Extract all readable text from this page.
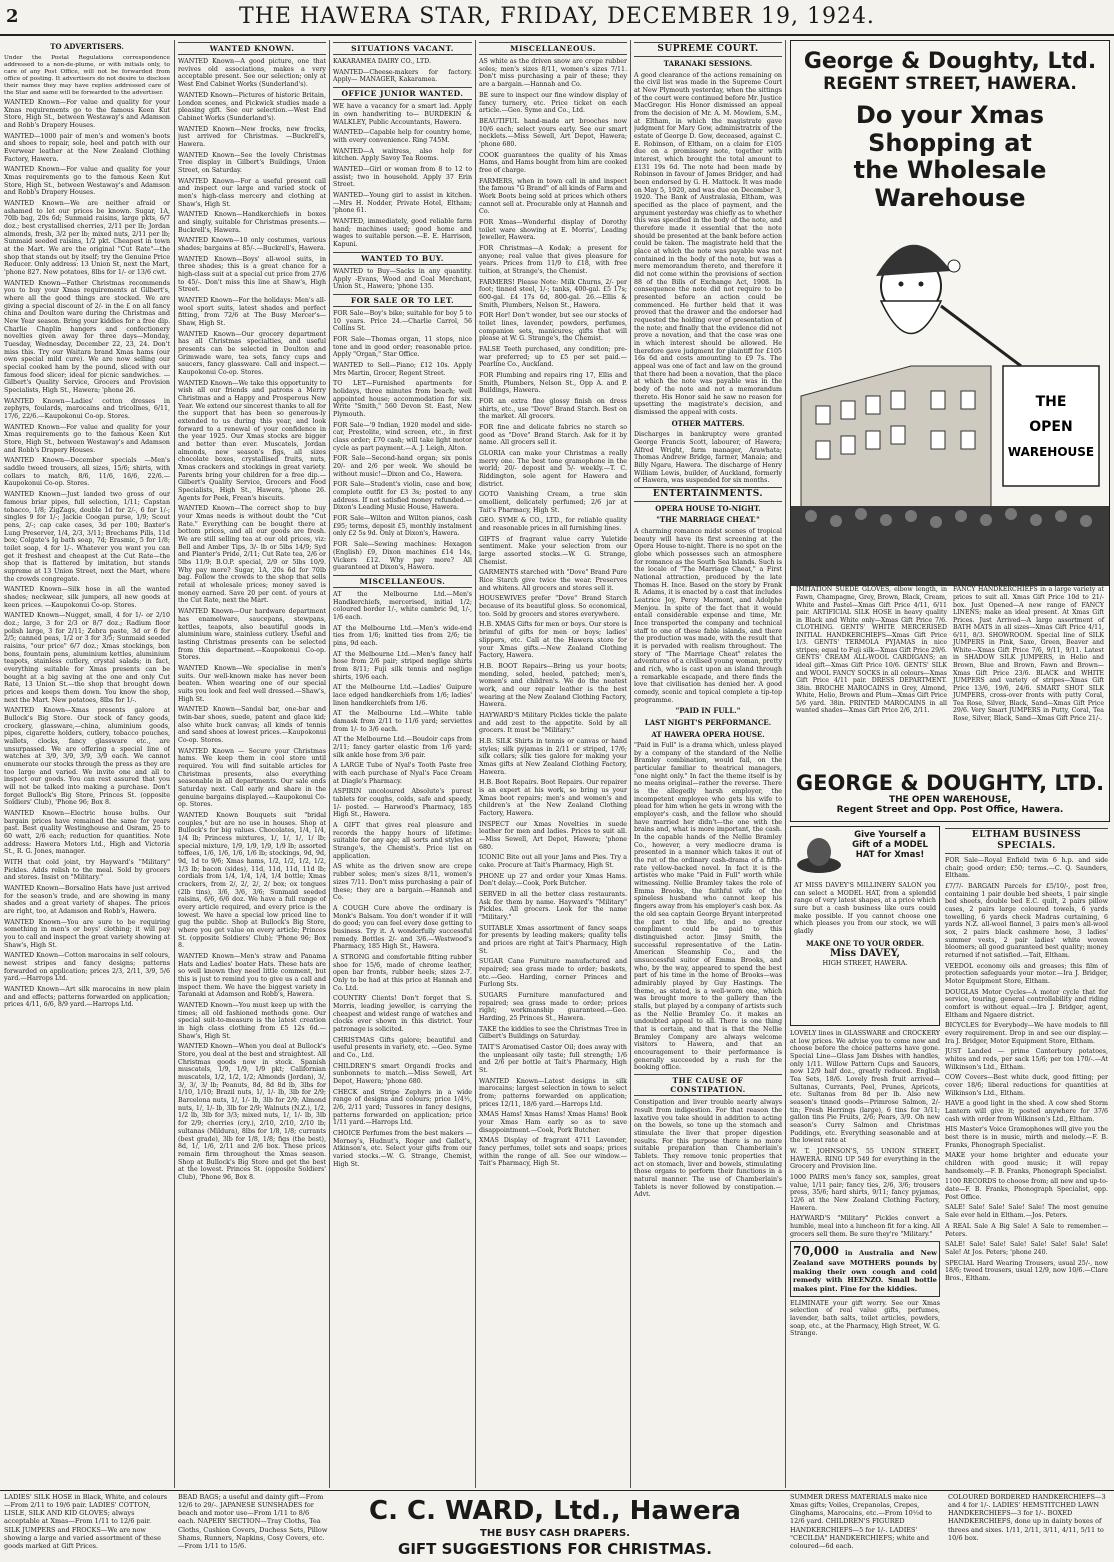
2	THE HAWERA STAR, FRIDAY, DECEMBER 19, 1924.
TO ADVERTISERS.

Under the Postal Regulations correspondence addressed to a non-de-plume, or with initials only, to care of any Post Office, will not be forwarded from office of posting. It advertisers do not desire to disclose their names they may have replies addressed care of the Star and same will be forwarded to the advertiser.

WANTED Known—For value and quality for your Xmas requirements go to the famous Keen Kut Store, High St., between Westaway's and Adamson and Robb's Drapery Houses.

WANTED—1000 pair of men's and women's boots and shoes to repair, sole, heel and patch with our Everwear leather at the New Zealand Clothing Factory, Hawera.

WANTED Known—For value and quality for your Xmas requirements go to the famous Keen Kut Store, High St., between Westaway's and Adamson and Robb's Drapery Houses.

WANTED Known—We are neither afraid or ashamed to let our prices be known. Sugar, 1A, 70lb bag, 20s 6d; Sunmaid raisins, large pkts, 6/7 doz.; best crystallised cherries, 2/11 per lb; Jordan almonds, fresh, 3/2 per lb; mixed nuts, 2/11 per lb; Sunmaid seeded raisins, 1/2 pkt. Cheapest in town at the Mart. We are the original "Cut Rate"—the shop that stands out by itself; try the Genuine Price Reducer. Only address: 13 Union St, next the Mart, 'phone 827. New potatoes, 8lbs for 1/- or 13/6 cwt.

WANTED Known—Father Christmas recommends you to buy your Xmas requirements at Gilbert's, where all the good things are stocked. We are giving a special discount of 2/- in the £ on all fancy china and Doulton ware during the Christmas and New Year season. Bring your kiddies for a free dip. Charlie Chaplin hangers and confectionery novelties given away for three days—Monday, Tuesday, Wednesday, December 22, 23, 24. Don't miss this. Try our Waitara brand Xmas hams (our own special mild cure). We are now selling our special cooked ham by the pound, sliced with our famous food slicer; ideal for picnic sandwiches. —Gilbert's Quality Service, Grocers and Provision Specialists, High St., Hawera; 'phone 26.

WANTED Known—Ladies' cotton dresses in zephyrs, foulards, marocains and tricolines, 6/11, 17/6, 22/6.—Kaupokonui Co-op. Stores.

WANTED Known—For value and quality for your Xmas requirements go to the famous Keen Kut Store, High St., between Westaway's and Adamson and Robb's Drapery Houses.

WANTED Known—December specials —Men's saddle tweed trousers, all sizes, 15/6; shirts, with collars to match, 8/6, 11/6, 16/6, 22/6.—Kaupokonui Co-op. Stores.

WANTED Known—Just landed two gross of our famous briar pipes, full selection, 1/11; Capstan tobacco, 1/8; ZigZags, double 1d for 2/-, 6 for 1/-; singles 9 for 1/-; Jackie Coogan purse, 1/9; Scout pens, 2/-; cap cake cases, 3d per 100; Baxter's Lung Preserver, 1/4, 2/3, 3/11; Brechams Pills, 11d box; Colgate's Ig bath soap, 7d; Erasmic, 5 for 1/8; toilet soap, 4 for 1/-. Whatever you want you can get it freshest and cheapest at the Cut Rate—the shop that is flattered by imitation, but stands supreme at 13 Union Street, next the Mart, where the crowds congregate.

WANTED Known—Silk hose in all the wanted shades; neckwear, silk jumpers, all new goods at keen prices. —Kaupokonui Co-op. Stores.

WANTED Known—Nugget, small, 4 for 1/- or 2/10 doz.; large, 3 for 2/3 or 8/7 doz.; Radium floor polish large, 3 for 2/11; Zebra paste, 3d or 6 for 2/5; canned peas, 1/2 or 3 for 3/5; Sunmaid seeded raisins, "our price" 6/7 doz.; Xmas stockings, bon bons, fountain pens, aluminium kettles, aluminium teapots, stainless cutlery, crystal salads; in fact, everything suitable for Xmas presents can be bought at a big saving at the one and only Cut Rate, 13 Union St.—the shop that brought down prices and keeps them down. You know the shop, next the Mart. New potatoes, 8lbs for 1/-.

WANTED Known—Xmas presents galore at Bullock's Big Store. Our stock of fancy goods, crockery, glassware,—china, aluminium goods, pipes, cigarette holders, cutlery, tobacco pouches, wallets, clocks, fancy glassware etc., are unsurpassed. We are offering a special line of watches at 3/9, 3/9, 3/9, 3/9 each. We cannot enumerate our stocks through the press as they are too large and varied. We invite one and all to inspect our goods. You can rest assured that you will not be talked into making a purchase. Don't forget Bullock's Big Store, Princes St. (opposite Soldiers' Club), 'Phone 96; Box 8.

WANTED Known—Electric house bulbs. Our bargain prices have remained the same for years past. Best quality Westinghouse and Osram, 25 to 60 watt, 2/6 each; reduction for quantities. Note address: Hawera Motors Ltd., High and Victoria St., R. G. Jones, manager.

WITH that cold joint, try Hayward's "Military" Pickles. Adds relish to the meal. Sold by grocers and stores. Insist on "Military."

WANTED Known—Borsalino Hats have just arrived for the season's trade, and are showing in many shades and a great variety of shapes. The prices are right, too, at Adamson and Robb's, Hawera.

WANTED Known—You are sure to be requiring something in men's or boys' clothing; it will pay you to call and inspect the great variety showing at Shaw's, High St.

WANTED Known—Cotton marocains in self colours, newest stripes and fancy designs; patterns forwarded on application; prices 2/3, 2/11, 3/9, 5/6 yard.—Harrops Ltd.

WANTED Known—Art silk marocains in new plain and and effects; patterns forwarded on application; prices 4/11, 6/6, 8/9 yard.—Harrops Ltd.

WANTED KNOWN.

WANTED Known—A good picture, one that revives old associations, makes a very acceptable present. See our selection; only at West End Cabinet Works (Sunderland's).

WANTED Known—Pictures of historic Britain, London scenes, and Pickwick studies made a pleasing gift. See our selection.—West End Cabinet Works (Sunderland's).

WANTED Known—New frocks, new frocks, just arrived for Christmas. —Buckrell's, Hawera.

WANTED Known—See the lovely Christmas Tree display in Gilbert's Buildings, Union Street, on Saturday.

WANTED Known—For a useful present call and inspect our large and varied stock of men's high-class mercery and clothing at Shaw's, High St.

WANTED Known—Handkerchiefs in boxes and singly, suitable for Christmas presents.—Buckrell's, Hawera.

WANTED Known—10 only costumes, various shades; bargains at 85/-.—Buckrell's, Hawera.

WANTED Known—Boys' all-wool suits, in three shades; this is a great chance for a high-class suit at a special cut price from 27/6 to 45/-. Don't miss this line at Shaw's, High Street.

WANTED Known—For the holidays: Men's all-wool sport suits, latest shades and perfect fitting, from 72/6 at The Busy Mercer's—Shaw, High St.

WANTED Known—Our grocery department has all Christmas specialties, and useful presents can be selected in Doulton and Grimwade ware, tea sets, fancy cups and saucers, fancy glassware. Call and inspect.—Kaupokonui Co-op. Stores.

WANTED Known—We take this opportunity to wish all our friends and patrons a Merry Christmas and a Happy and Prosperous New Year. We extend our sincerest thanks to all for the support that has been so generous-ly extended to us during this year, and look forward to a renewal of your confidence in the year 1925. Our Xmas stocks are bigger and better than ever. Muscatels, Jordan almonds, new season's figs, all sizes chocolate boxes, crystallised fruits, nuts, Xmas crackers and stockings in great variety. Parents bring your children for a free dip.—Gilbert's Quality Service, Grocers and Food Specialists, High St., Hawera, 'phone 26. Agents for Peek, Frean's biscuits.

WANTED Known—The correct shop to buy your Xmas needs is without doubt the "Cut Rate." Everything can be bought there at bottom prices, and all our goods are fresh. We are still selling tea at our old prices, viz: Bell and Amber Tips, 3/- lb or 5lbs 14/9; Syd and Planter's Pride, 2/11; Cut Rate tea, 2/6 or 5lbs 11/9; B.O.P. special, 2/9 or 5lbs 10/9. Why pay more? Sugar, 1A, 20s 6d for 70lb bag. Follow the crowds to the shop that sells retail at wholesale prices; money saved is money earned. Save 20 per cent. of yours at the Cut Rate, next the Mart.

WANTED Known—Our hardware department has enamelware, saucepans, stewpans, kettles, teapots, also beautiful goods in aluminium ware, stainless cutlery. Useful and lasting Christmas presents can be selected from this department.—Kaupokonui Co-op. Stores.

WANTED Known—We specialise in men's suits. Our well-known make has never been beaten. When wearing one of our special suits you look and feel well dressed.—Shaw's, High St.

WANTED Known—Sandal bar, one-bar and twin-bar shoes, suede, patent and glace kid; also white buck canvas; all kinds of tennis and sand shoes at lowest prices.—Kaupokonui Co-op. Stores.

WANTED Known — Secure your Christmas hams. We keep them in cool store until required. You will find suitable articles for Christmas presents, also everything seasonable in all departments. Our sale ends Saturday next. Call early and share in the genuine bargains displayed.—Kaupokonui Co-op. Stores.

WANTED Known Bouquets suit "bridal couples," but are no use in houses. Shop at Bullock's for big values. Chocolates, 1/4, 1/4, 1/4 lb; Princess mixtures, 1/, 1/, 1/, 1/ lb; special mixture, 1/9, 1/9, 1/9, 1/9 lb; assorted toffees, 1/6, 1/6, 1/6, 1/6 lb; stockings, 9d, 9d, 9d, 1d to 9/6; Xmas hams, 1/2, 1/2, 1/2, 1/2, 1/3 lb; bacon (sides), 11d, 11d, 11d, 11d lb; cordials from 1/4, 1/4, 1/4, 1/4 bottle; Xmas crackers, from 2/, 2/, 2/, 2/ box; ox tongues (2lb tins), 3/6, 3/6, 3/6; Sunmaid seeded raisins, 6/6, 6/6 doz. We have a full range of every article required, and every price is the lowest. We have a special low priced line to gug the public. Shop at Bullock's Big Store, where you get value on every article; Princes St. (opposite Soldiers' Club); 'Phone 96; Box 8.

WANTED Known—Men's straw and Panama Hats and Ladies' boater Hats. These hats are so well known they need little comment, but this is just to remind you to give us a call and inspect them. We have the biggest variety in Taranaki at Adamson and Robb's, Hawera.

WANTED Known—You must keep up with the times; all old fashioned methods gone. Our special suit-to-measure is the latest creation in high class clothing from £5 12s 6d.—Shaw's, High St.

WANTED Known—When you deal at Bullock's Store, you deal at the best and straightest. All Christmas goods now in stock. Spanish muscatels, 1/9, 1/9, 1/9 pkt; Californian muscatels, 1/2, 1/2, 1/2; Almonds (Jordan), 3/, 3/, 3/, 3/ lb; Peanuts, 8d, 8d 8d lb, 3lbs for 1/10, 1/10; Brazil nuts, 1/, 1/- lb, 3lb for 2/9; Barcelona nuts, 1/, 1/- lb, 3lb for 2/9; Almond nuts, 1/, 1/- lb, 3lb for 2/9; Walnuts (N.Z.), 1/2, 1/2 lb, 3lb for 3/3; mixed nuts, 1/, 1/- lb, 3lb for 2/9; cherries (cry.), 2/10, 2/10, 2/10 lb; sultanas (Mildura), 8lbs for 1/8, 1/8; currants (best grade), 3lb for 1/8, 1/8; figs (the best), 8d, 1/, 1/6, 2/11 and 2/6 box. These prices remain firm throughout the Xmas season. Shop at Bullock's Big Store and get the best at the lowest. Princes St. (opposite Soldiers' Club), 'Phone 96, Box 8.

SITUATIONS VACANT.

KAKARAMEA DAIRY CO., LTD.

WANTED—Cheese-makers for factory. Apply— MANAGER, Kakaramea.

OFFICE JUNIOR WANTED.

WE have a vacancy for a smart lad. Apply in own handwriting to— BURDEKIN & WALKLEY, Public Accountants, Hawera.

WANTED—Capable help for country home, with every convenience. Ring 745M.

WANTED—A waitress, also help for kitchen. Apply Savoy Tea Rooms.

WANTED—Girl or woman from 8 to 12 to assist; two in household. Apply 37 Erin Street.

WANTED—Young girl to assist in kitchen.—Mrs H. Nodder, Private Hotel, Eltham; 'phone 61.

WANTED, immediately, good reliable farm hand; machines used; good home and wages to suitable person.—E. E. Harrison, Kapuni.

WANTED TO BUY.

WANTED to Buy—Sacks in any quantity. Apply -Evans, Wood and Coal Merchant, Union St., Hawera; 'phone 135.

FOR SALE OR TO LET.

FOR Sale—Boy's bike; suitable for boy 5 to 10 years. Price 24.—Charlie Carrol, 56 Collins St.

FOR Sale—Thomas organ, 11 stops, nice tone and in good order; reasonable price. Apply "Organ," Star Office.

WANTED to Sell—Piano; £12 10s. Apply Mrs Martin, Grocer, Regent Street.

TO LET—Furnished apartments for holidays, three minutes from beach; well appointed house; accommodation for six. Write "Smith," 560 Devon St. East, New Plymouth.

FOR Sale—'9 Indian, 1920 model and side-car, Prestolite, wind screen, etc., in first class order; £70 cash; will take light motor cycle as part payment.—A. J. Leigh, Alton.

FOR Sale—Second-hand organ; six ponis 20/- and 2/6 per week. We should be without music!—Dixon and Co., Hawera.

FOR Sale—Student's violin, case and bow, complete outfit for £3 3s; posted to any address. If not satisfied money refunded.—Dixon's Leading Music House, Hawera.

FOR Sale—Wilton and Wilton pianos, cash £95; terms, deposit £5, monthly instalment only £2 5s 9d. Only at Dixon's, Hawera.

FOR Sale—Sewing machines: Hexagon (English) £9, Dixon machines £14 14s, Vickers £12. Why pay more? All guaranteed at Dixon's, Hawera.

MISCELLANEOUS.

AT the Melbourne Ltd.—Men's Handkerchiefs, mercerised, initial 1/2; coloured border 1/-, white cambric 9d, 1/-, 1/6 each.

AT the Melbourne Ltd.—Men's wide-end ties from 1/6; knitted ties from 2/6; tie pins, 9d each.

AT the Melbourne Ltd.—Men's fancy half hose from 2/6 pair; striped neglige shirts from 8/11; Fuji silk tennis and neglige shirts, 19/6 each.

AT the Melbourne Ltd.—Ladies' Guipure lace edged handkerchiefs from 1/6; ladies' linen handkerchiefs from 1/6.

AT the Melbourne Ltd.—White table damask from 2/11 to 11/6 yard; serviettes from 1/- to 3/6 each.

AT the Melbourne Ltd.—Boudoir caps from 2/11; fancy garter elastic from 1/6 yard; silk ankle hose from 3/6 pair.

A LARGE Tube of Nyal's Tooth Paste free with each purchase of Nyal's Face Cream at Diagle's Pharmacy.

ASPIRIN uncoloured Absolute's purest tablets for coughs, colds, safe and speedy, 1/- posted. — Harwood's Pharmacy, 185 High St., Hawera.

A GIFT that gives real pleasure and records the happy hours of lifetime: suitable for any age; all sorts and styles at Strange's, the Chemist's. Price list on application.

AS white as the driven snow are crepe rubber soles; men's sizes 8/11, women's sizes 7/11. Don't miss purchasing a pair of these; they are a bargain.—Hannah and Co.

A COUGH Cure above the ordinary is Monk's Balsam. You don't wonder if it will do good; you can feel every dose getting to business. Try it. A wonderfully successful remedy. Bottles 2/- and 3/6.—Westwood's Pharmacy, 185 High St., Hawera.

A STRONG and comfortable fitting rubber shoe for 15/6, made of chrome leather, open bar fronts, rubber heels; sizes 2-7. Only to be had at this price at Hannah and Co. Ltd.

COUNTRY Clients! Don't forget that S. Morris, leading jeweller, is carrying the cheapest and widest range of watches and clocks ever shown in this district. Your patronage is solicited.

CHRISTMAS Gifts galore; beautiful and useful presents in variety, etc. —Geo. Syme and Co., Ltd.

CHILDREN'S smart Organdi frocks and sunbonnets to match.—Miss Sewell, Art Depot, Hawera; 'phone 680.

CHECK and Stripe Zephyrs in a wide range of designs and colours; price 1/4½, 2/6, 2/11 yard; Tussores in fancy designs, patterns forwarded on application; price 1/11 yard.—Harrops Ltd.

CHOICE Perfumes from the best makers — Morney's, Hudnut's, Roger and Gallet's, Atkinson's, etc. Select your gifts from our varied stocks.—W. G. Strange, Chemist, High St.

MISCELLANEOUS.

AS white as the driven snow are crepe rubber soles; men's sizes 8/11, women's sizes 7/11. Don't miss purchasing a pair of these; they are a bargain.—Hannah and Co.

BE sure to inspect our fine window display of fancy turnery, etc. Price ticket on each article.—Geo. Syme and Co., Ltd.

BEAUTIFUL hand-made art brooches now 10/6 each; select yours early. See our smart necklets.—Miss Sewell, Art Depot, Hawera; 'phone 680.

COOK guarantees the quality of his Xmas Hams, and Hams bought from him are cooked free of charge.

FARMERS, when in town call in and inspect the famous "G Brand" of all kinds of Farm and Work Boots being sold at prices which others cannot sell at. Procurable only at Hannah and Co.

FOR Xmas—Wonderful display of Dorothy toilet ware showing at E. Morris', Leading Jeweller, Hawera.

FOR Christmas—A Kodak; a present for anyone; real value that gives pleasure for years. Prices from 11/9 to £18, with free tuition, at Strange's, the Chemist.

FARMERS! Please Note: Milk Churns, 2/- per foot; tinned steel, 1/-; tanks, 400-gal. £5 17s; 600-gal. £4 17s 6d, 800-gal. 26.—Ellis & Smith, Plumbers, Nelson St., Hawera.

FOR Her! Don't wonder, but see our stocks of toilet lines, lavender, powders, perfumes, companion sets, manicures; gifts that will please at W. G. Strange's, the Chemist.

FALSE Teeth purchased, any condition; pre-war preferred; up to £5 per set paid.—Pearline Co., Auckland.

FOR Plumbing and repairs ring 17, Ellis and Smith, Plumbers, Nelson St., Opp A. and P. Buildings, Hawera.

FOR an extra fine glossy finish on dress shirts, etc., use "Dove" Brand Starch. Best on the market. All grocers.

FOR fine and delicate fabrics no starch so good as "Dove" Brand Starch. Ask for it by name. All grocers sell it.

GLORIA can make your Christmas a really merry one. The best tone gramophone in the world; 20/- deposit and 5/- weekly.—T. C. Riddington, sole agent for Hawera and district.

GOTO Vanishing Cream, a true skin emollient, delicately perfumed; 2/6 jar at Tait's Pharmacy, High St.

GEO. SYME & CO., LTD., for reliable quality and reasonable prices in all furnishing lines.

GIFTS of fragrant value carry Yuletide sentiment. Make your selection from our large assorted stocks.—W. G. Strange, Chemist.

GARMENTS starched with "Dove" Brand Pure Rice Starch give twice the wear. Preserves and whitens. All grocers and stores sell it.

HOUSEWIVES prefer "Dove" Brand Starch because of its beautiful gloss. So economical, too. Sold by grocers and stores everywhere.

H.B. XMAS Gifts for men or boys. Our store is brimful of gifts for men or boys; ladies' slippers, etc. Call at the Hawera store for your Xmas gifts.—New Zealand Clothing Factory, Hawera.

H.B. BOOT Repairs—Bring us your boots; mending, soled, heeled, patched; men's, women's and children's. We do the neatest work, and our repair leather is the best wearing at the New Zealand Clothing Factory, Hawera.

HAYWARD'S Military Pickles tickle the palate and add zest to the appetite. Sold by all grocers. It must be "Military."

H.B. SILK Shirts in tennis or canvas or hand styles; silk pyjamas in 2/11 or striped, 17/6; silk collars; silk ties galore for making your Xmas gifts at New Zealand Clothing Factory, Hawera.

H.B. Boot Repairs. Boot Repairs. Our repairer is an expert at his work, so bring us your Xmas boot repairs; men's and women's and children's at the New Zealand Clothing Factory, Hawera.

INSPECT our Xmas Novelties in suede leather for men and ladies. Prices to suit all.—Miss Sewell, Art Depot, Hawera; 'phone 680.

ICONIC Bite out all your Jams and Pies. Try a cake. Procure at Tait's Pharmacy, High St.

PHONE up 27 and order your Xmas Hams. Don't delay.—Cook, Pork Butcher.

SERVED in all the better class restaurants. Ask for them by name. Hayward's "Military" Pickles. All grocers. Look for the name "Military."

SUITABLE Xmas assortment of fancy soaps for presents by leading makers; quality tells and prices are right at Tait's Pharmacy, High St.

SUGAR Cane Furniture manufactured and repaired; sea grass made to order; baskets, etc.—Geo. Harding, corner Princes and Furlong Sts.

SUGARS Furniture manufactured and repaired; sea grass made to order; prices right; workmanship guaranteed.—Geo. Harding, 25 Princes St., Hawera.

TAKE the kiddies to see the Christmas Tree in Gilbert's Buildings on Saturday.

TAIT'S Aromatised Castor Oil; does away with the unpleasant oily taste; full strength; 1/6 and 2/6 per bottle at Tait's Pharmacy, High St.

WANTED Known—Latest designs in silk marocains; largest selection in town to select from; patterns forwarded on application; prices 12/11, 18/6 yard.—Harrops Ltd.

XMAS Hams! Xmas Hams! Xmas Hams! Book your Xmas Ham early so as to save disappointment.—Cook, Pork Butcher.

XMAS Display of fragrant 4711 Lavender, fancy perfumes, toilet sets and soaps; prices within the range of all. See our window.—Tait's Pharmacy, High St.

SUPREME COURT.
TARANAKI SESSIONS.

A good clearance of the actions remaining on the civil list was made in the Supreme Court at New Plymouth yesterday, when the sittings of the court were continued before Mr. Justice MacGregor. His Honor dismissed an appeal from the decision of Mr. A. M. Mowlem, S.M., at Eltham, in which the magistrate gave judgment for Mary Gow, administratrix of the estate of George D. Gow, deceased, against C. E. Robinson, of Eltham, on a claim for £105 due on a promissory note, together with interest, which brought the total amount to £131 19s 6d. The note had been made by Robinson in favour of James Bridger, and had been endorsed by G. H. Mattock. It was made on May 5, 1920, and was due on December 3, 1920. The Bank of Australasia, Eltham, was specified as the place of payment, and the argument yesterday was chiefly as to whether this was specified in the body of the note, and therefore made it essential that the note should be presented at the bank before action could be taken. The magistrate held that the place at which the note was payable was not contained in the body of the note, but was a mere memorandum thereto, and therefore it did not come within the provisions of section 88 of the Bills of Exchange Act, 1908. In consequence the note did not require to be presented before an action could be commenced. He further held that it was proved that the drawer and the endorser had requested the holding over of presentation of the note; and finally that the evidence did not prove a novation, and that the case was one in which interest should be allowed. He therefore gave judgment for plaintiff for £105 16s 6d and costs amounting to £9 7s. The appeal was one of fact and law on the ground that there had been a novation, that the place at which the note was payable was in the body of the note and not a memorandum thereto. His Honor said he saw no reason for upsetting the magistrate's decision, and dismissed the appeal with costs.

OTHER MATTERS.

Discharges in bankruptcy were granted George Francis Scott, labourer, of Hawera; Alfred Wright, farm manager, Arawhata; Thomas Andrew Bridge, farmer, Manaia; and Billy Ngaru, Hawera. The discharge of Henry William Lewis, builder, of Auckland, formerly of Hawera, was suspended for six months.

ENTERTAINMENTS.
OPERA HOUSE TO-NIGHT.
"THE MARRIAGE CHEAT."

A charming romance midst scenes of tropical beauty will have its first screening at the Opera House to-night. There is no spot on the globe which possesses such an atmosphere for romance as the South Sea Islands. Such is the locale of "The Marriage Cheat," a First National attraction, produced by the late Thomas H. Ince. Based on the story by Frank R. Adams, it is enacted by a cast that includes Leatrice Joy, Percy Marmont, and Adolphe Menjou. In spite of the fact that it would entail considerable expense and time, Mr. Ince transported the company and technical staff to one of these fable islands, and there the production was made, with the result that it is pervaded with realism throughout. The story of "The Marriage Cheat" relates the adventures of a civilised young woman, pretty and rich, who is cast upon an island through a remarkable escapade, and there finds the love that civilisation has denied her. A good comedy, scenic and topical complete a tip-top programme.

"PAID IN FULL."
LAST NIGHT'S PERFORMANCE.
AT HAWERA OPERA HOUSE.

"Paid in Full" is a drama which, unless played by a company of the standard of the Nellie Bramley combination, would fail, on the particular familiar to theatrical managers, "one night only." In fact the theme itself is by no means original—rather the reverse. There is the allegedly harsh employer, the incompetent employee who gets his wife to plead for him when he gets in wrong with the employer's cash, and the fellow who should have married her didn't—the one with the brains and, what is more important, the cash. In the capable hands of the Nellie Bramley Co., however, a very mediocre drama is presented in a manner which takes it out of the rut of the ordinary cash-drama of a fifth-rate yellow-backed novel. In fact it is the artistes who make "Paid in Full" worth while witnessing. Nellie Bramley takes the role of Emma Brooks, the faithful wife of the spineless husband who cannot keep his fingers away from his employer's cash box. As the old sea captain George Bryant interpreted the part to the life, and no greater compliment could be paid to this distinguished actor. Jimsy Smith, the successful representative of the Latin-American Steamship Co., and the unsuccessful suitor of Emma Brooks, and who, by the way, appeared to spend the best part of his time in the home of Brooks—was admirably played by Guy Hastings. The theme, as stated, is a well-worn one, which was brought more to the gallery than the stalls, but played by a company of artists such as the Nellie Bramley Co. it makes an undoubted appeal to all. There is one thing that is certain, and that is that the Nellie Bramley Company are always welcome visitors to Hawera, and that an encouragement to their performance is generally succeeded by a rush for the booking office.

THE CAUSE OF CONSTIPATION.

Constipation and liver trouble nearly always result from indigestion. For that reason the laxative you take should in addition to acting on the bowels, so tone up the stomach and stimulate the liver that proper digestion results. For this purpose there is no more suitable preparation than Chamberlain's Tablets. They remove tonic properties that act on stomach, liver and bowels, stimulating those organs to perform their functions in a natural manner. The use of Chamberlain's Tablets is never followed by constipation.—Advt.

George & Doughty, Ltd.
REGENT STREET, HAWERA.
Do your Xmas Shopping at
the Wholesale Warehouse
THE
OPEN
WAREHOUSE
IMITATION SUEDE GLOVES, elbow length, in Fawn, Champagne, Grey, Brown, Black, Cream, White and Pastel—Xmas Gift Price 4/11, 6/11 pair. ARTIFICIAL SILK HOSE in heavy quality in Black and White only—Xmas Gift Price 7/6. CLOTHING. GENTS' WHITE MERCERISED INITIAL HANDKERCHIEFS—Xmas Gift Price 1/3. GENTS' TERMOLA PYJAMAS in nice stripes; equal to Fuji silk—Xmas Gift Price 29/6. GENTS' CREAM ALL-WOOL CARDIGANS; an ideal gift—Xmas Gift Price 10/6. GENTS' SILK and WOOL FANCY SOCKS in all colours—Xmas Gift Price 4/11 pair. DRESS DEPARTMENT. 38in. BROCHE MAROCAINS in Grey, Almond, White, Helio, Brown and Plum—Xmas Gift Price 5/6 yard. 38in. PRINTED MAROCAINS in all wanted shades—Xmas Gift Price 2/6, 2/11.
FANCY HANDKERCHIEFS in a large variety at prices to suit all. Xmas Gift Price 10d to 21/- box. Just Opened—A new range of FANCY LINENS; make an ideal present. At Xmas Gift Prices. Just Arrived—A large assortment of BATH MATS in all sizes—Xmas Gift Price 4/11, 6/11, 8/3. SHOWROOM. Special line of SILK JUMPERS in Pink, Saxe, Green, Beaver and White—Xmas Gift Price 7/6, 9/11, 9/11. Latest in SHADOW SILK JUMPERS, in Helio and Brown, Blue and Brown, Fawn and Brown—Xmas Gift Price 23/6. BLACK and WHITE JUMPERS and variety of stripes—Xmas Gift Price 13/6, 19/6, 24/6. SMART SHOT SILK JUMPERS, cross-over fronts with putty Coral, Tea Rose, Silver, Black, Sand—Xmas Gift Price 29/6. Very Smart JUMPERS in Putty, Coral, Tea Rose, Silver, Black, Sand—Xmas Gift Price 21/-.
GEORGE & DOUGHTY, LTD.
THE OPEN WAREHOUSE,
Regent Street and Opp. Post Office, Hawera.
Give Yourself a Gift of a MODEL HAT for Xmas!
AT MISS DAVEY'S MILLINERY SALON you can select a MODEL HAT, from a splendid range of very latest shapes, at a price which sure but a cash business like ours could make possible. If you cannot choose one which pleases you from our stock, we will gladly
MAKE ONE TO YOUR ORDER.
Miss DAVEY,
HIGH STREET, HAWERA.

LOVELY lines in GLASSWARE and CROCKERY at low prices. We advise you to come now and choose before the choice patterns have gone. Special Line—Glass Jam Dishes with handles, only 1/11. Willow Pattern Cups and Saucers, now 12/9 half doz., greatly reduced. English Tea Sets, 18/6. Lovely fresh fruit arrived—Sultanas, Currants, Peel, Prunes, Apricots, etc. Sultanas from 8d per lb. Also new season's tinned goods—Primrose Salmon, 2/- tin; Fresh Herrings (large), 6 tins for 3/11; gallon tins Pie Fruits, 2/6; Pears, 3/9. Oh new season's Curry Salmon and Christmas Puddings, etc. Everything seasonable and at the lowest rate at

W. T. JOHNSON'S, 55 UNION STREET, HAWERA. RING UP 549 for everything in the Grocery and Provision line.

1000 PAIRS men's fancy sox, samples, great value, 1/11 pair; fancy ties, 2/6, 3/6; trousers press, 35/6; hard shirts, 9/11; fancy pyjamas, 12/6 at the New Zealand Clothing Factory, Hawera.

HAYWARD'S "Military" Pickles convert a humble, meal into a luncheon fit for a king. All grocers sell them. Be sure they're "Military."

70,000 in Australia and New Zealand save MOTHERS pounds by making their own cough and cold remedy with HEENZO. Small bottle makes pint. Fine for the kiddies.

ELIMINATE your gift worry. See our Xmas selection of real value gifts, perfumes, lavender, bath salts, toilet articles, powders, soap, etc., at the Pharmacy, High Street, W. G. Strange.

ELTHAM BUSINESS SPECIALS.

FOR Sale—Royal Enfield twin 6 h.p. and side chair; good order; £50; terms.—C. Q. Saunders, Eltham.

£7/7/- BARGAIN Parcels for £5/10/-, post free, containing 1 pair double bed sheets, 1 pair single bed sheets, double bed E.C. quilt, 2 pairs pillow cases, 2 pairs large coloured towels, 6 yards towelling, 6 yards check Madras curtaining, 6 yards N.Z. all-wool flannel, 3 pairs men's all-wool sox, 2 pairs black cashmere hose, 3 ladies' summer vests, 2 pair ladies' white woven bloomers; all good guaranteed best quality; money returned if not satisfied.—Tait, Eltham.

VEEDOL economy oils and greases; this film of protection safeguards your motor.—Ira J. Bridger, Motor Equipment Store, Eltham.

DOUGLAS Motor Cycles—A motor cycle that for service, touring, general controllability and riding comfort is without equal.—Ira J. Bridger, agent, Eltham and Ngaere district.

BICYCLES for Everybody—We have models to fill every requirement. Drop in and see our display.—Ira J. Bridger, Motor Equipment Store, Eltham.

JUST Landed — prime Canterbury potatoes, whites and reds, per sack 15/6; per ton 170/-.—At Wilkinson's Ltd., Eltham.

COW Covers—Best white duck, good fitting; per cover 18/6; liberal reductions for quantities at Wilkinson's Ltd., Eltham.

HAVE a good light in the shed. A cow shed Storm Lantern will give it; posted anywhere for 37/6 cash with order from Wilkinson's Ltd., Eltham.

HIS Master's Voice Gramophones will give you the best there is in music, mirth and melody.—F. B. Franks, Phonograph Specialist.

MAKE your home brighter and educate your children with good music; it will repay handsomely.—F. B. Franks, Phonograph Specialist.

1100 RECORDS to choose from; all new and up-to-date—F. B. Franks, Phonograph Specialist, opp. Post Office.

SALE! Sale! Sale! Sale! Sale! The most genuine Sale ever held in Eltham.—Jos. Peters.

A REAL Sale A Big Sale! A Sale to remember.—Peters.

SALE! Sale! Sale! Sale! Sale! Sale! Sale! Sale! Sale! At Jos. Peters; 'phone 240.

SPECIAL Hard Wearing Trousers, usual 25/-, now 18/6; tweed trousers, usual 12/9, now 10/6.—Clare Bros., Eltham.

LADIES' SILK HOSE in Black, White, and colours—From 2/11 to 19/6 pair. LADIES' COTTON, LISLE, SILK AND KID GLOVES; always acceptable at Xmas—From 1/11 to 12/6 pair. SILK JUMPERS and FROCKS—We are now showing a large and varied assortment of these goods marked at Gift Prices.
BEAD BAGS; a useful and dainty gift—From 12/6 to 29/-. JAPANESE SUNSHADES for beach and motor use—From 1/11 to 8/6 each. NAPERY SECTION—Tray Cloths, Tea Cloths, Cushion Covers, Duchess Sets, Pillow Shams, Runners, Napkins, Cosy Covers, etc.—From 1/11 to 15/6.
C. C. WARD, Ltd., Hawera
THE BUSY CASH DRAPERS.
GIFT SUGGESTIONS FOR CHRISTMAS.
SUMMER DRESS MATERIALS make nice Xmas gifts; Voiles, Crepanolas, Crepes, Ginghams, Marocains, etc.—From 10½d to 12/6 yard. CHILDREN'S FIGURED HANDKERCHIEFS—5 for 1/-. LADIES' "CECILDA" HANDKERCHIEFS; white and coloured—6d each.
COLOURED BORDERED HANDKERCHIEFS—3 and 4 for 1/-. LADIES' HEMSTITCHED LAWN HANDKERCHIEFS—3 for 1/-. BOXED HANDKERCHIEFS, done up in dainty boxes of threes and sixes. 1/11, 2/11, 3/11, 4/11, 5/11 to 10/6 box.
